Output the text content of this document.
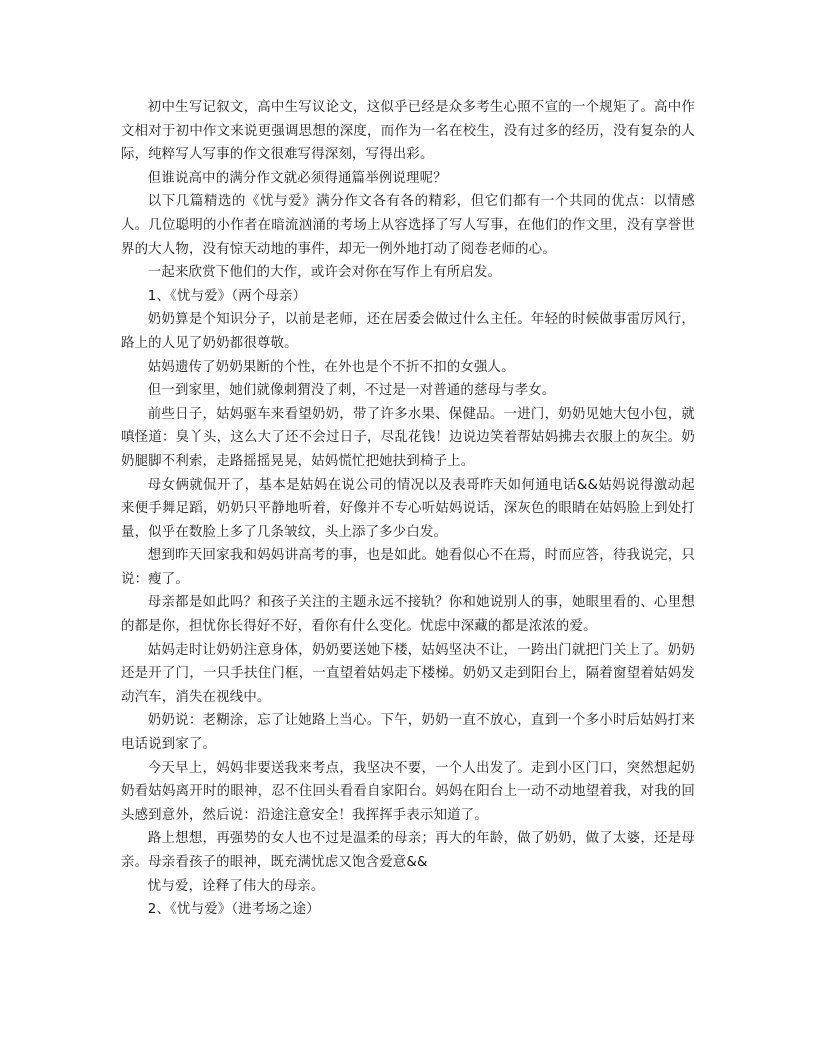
初中生写记叙文，高中生写议论文，这似乎已经是众多考生心照不宣的一个规矩了。高中作文相对于初中作文来说更强调思想的深度，而作为一名在校生，没有过多的经历，没有复杂的人际，纯粹写人写事的作文很难写得深刻，写得出彩。

但谁说高中的满分作文就必须得通篇举例说理呢？

以下几篇精选的《忧与爱》满分作文各有各的精彩，但它们都有一个共同的优点：以情感人。几位聪明的小作者在暗流汹涌的考场上从容选择了写人写事，在他们的作文里，没有享誉世界的大人物，没有惊天动地的事件，却无一例外地打动了阅卷老师的心。

一起来欣赏下他们的大作，或许会对你在写作上有所启发。

1、《忧与爱》（两个母亲）

奶奶算是个知识分子，以前是老师，还在居委会做过什么主任。年轻的时候做事雷厉风行，路上的人见了奶奶都很尊敬。

姑妈遗传了奶奶果断的个性，在外也是个不折不扣的女强人。

但一到家里，她们就像刺猬没了刺，不过是一对普通的慈母与孝女。

前些日子，姑妈驱车来看望奶奶，带了许多水果、保健品。一进门，奶奶见她大包小包，就嗔怪道：臭丫头，这么大了还不会过日子，尽乱花钱！边说边笑着帮姑妈拂去衣服上的灰尘。奶奶腿脚不利索，走路摇摇晃晃，姑妈慌忙把她扶到椅子上。

母女俩就侃开了，基本是姑妈在说公司的情况以及表哥昨天如何通电话&&姑妈说得激动起来便手舞足蹈，奶奶只平静地听着，好像并不专心听姑妈说话，深灰色的眼睛在姑妈脸上到处打量，似乎在数脸上多了几条皱纹，头上添了多少白发。

想到昨天回家我和妈妈讲高考的事，也是如此。她看似心不在焉，时而应答，待我说完，只说：瘦了。

母亲都是如此吗？和孩子关注的主题永远不接轨？你和她说别人的事，她眼里看的、心里想的都是你，担忧你长得好不好，看你有什么变化。忧虑中深藏的都是浓浓的爱。

姑妈走时让奶奶注意身体，奶奶要送她下楼，姑妈坚决不让，一跨出门就把门关上了。奶奶还是开了门，一只手扶住门框，一直望着姑妈走下楼梯。奶奶又走到阳台上，隔着窗望着姑妈发动汽车，消失在视线中。

奶奶说：老糊涂，忘了让她路上当心。下午，奶奶一直不放心，直到一个多小时后姑妈打来电话说到家了。

今天早上，妈妈非要送我来考点，我坚决不要，一个人出发了。走到小区门口，突然想起奶奶看姑妈离开时的眼神，忍不住回头看看自家阳台。妈妈在阳台上一动不动地望着我，对我的回头感到意外，然后说：沿途注意安全！我挥挥手表示知道了。

路上想想，再强势的女人也不过是温柔的母亲；再大的年龄，做了奶奶，做了太婆，还是母亲。母亲看孩子的眼神，既充满忧虑又饱含爱意&&

忧与爱，诠释了伟大的母亲。

2、《忧与爱》（进考场之途）
